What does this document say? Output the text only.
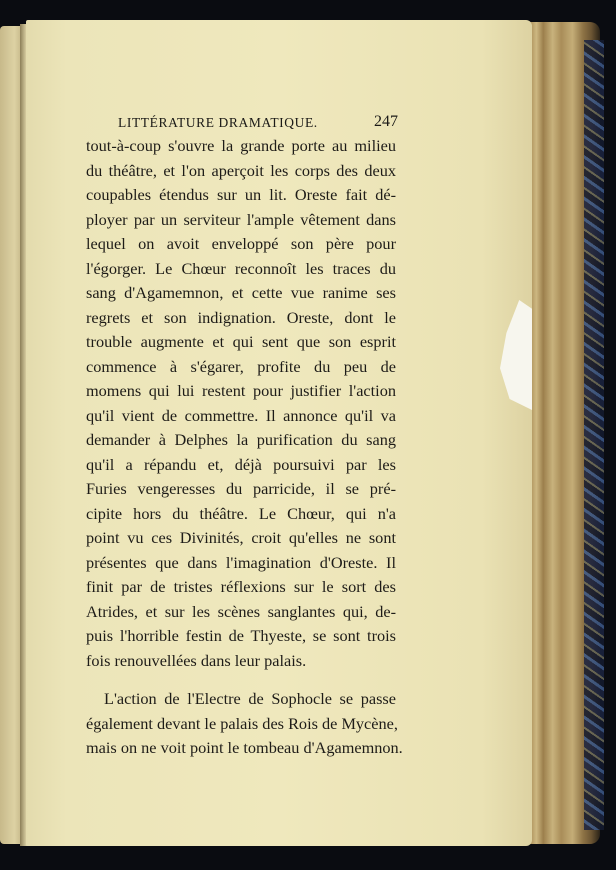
LITTÉRATURE DRAMATIQUE.	247
tout-à-coup s'ouvre la grande porte au milieu
du théâtre, et l'on aperçoit les corps des deux
coupables étendus sur un lit. Oreste fait dé-
ployer par un serviteur l'ample vêtement dans
lequel on avoit enveloppé son père pour
l'égorger. Le Chœur reconnoît les traces du
sang d'Agamemnon, et cette vue ranime ses
regrets et son indignation. Oreste, dont le
trouble augmente et qui sent que son esprit
commence à s'égarer, profite du peu de
momens qui lui restent pour justifier l'action
qu'il vient de commettre. Il annonce qu'il va
demander à Delphes la purification du sang
qu'il a répandu et, déjà poursuivi par les
Furies vengeresses du parricide, il se pré-
cipite hors du théâtre. Le Chœur, qui n'a
point vu ces Divinités, croit qu'elles ne sont
présentes que dans l'imagination d'Oreste. Il
finit par de tristes réflexions sur le sort des
Atrides, et sur les scènes sanglantes qui, de-
puis l'horrible festin de Thyeste, se sont trois
fois renouvellées dans leur palais.
L'action de l'Electre de Sophocle se passe
également devant le palais des Rois de Mycène,
mais on ne voit point le tombeau d'Agamemnon.
